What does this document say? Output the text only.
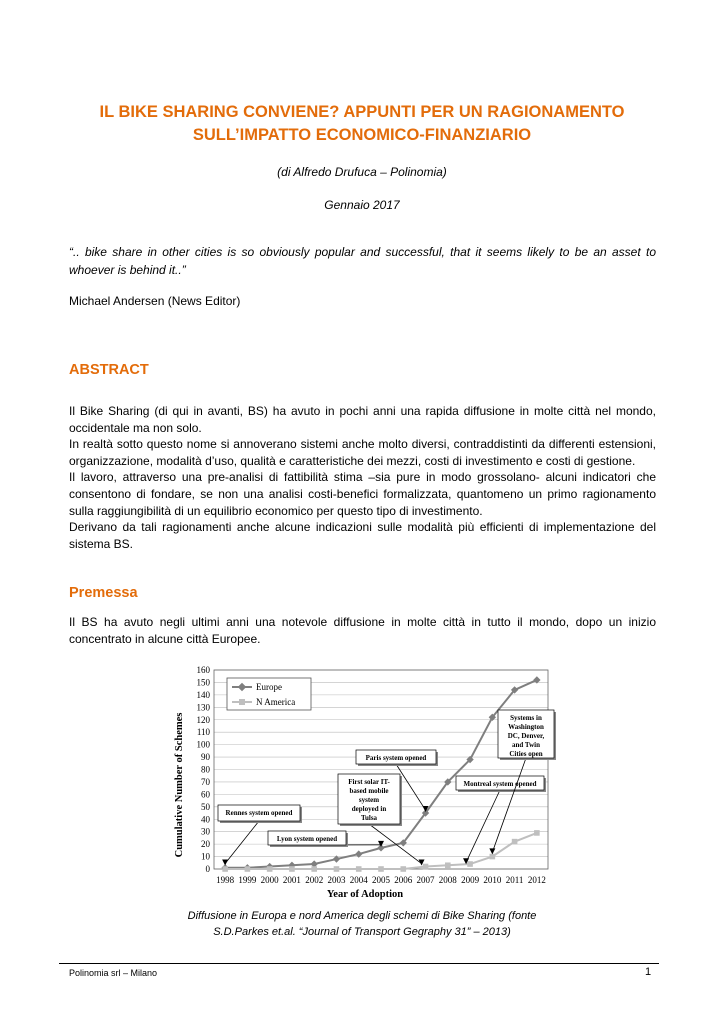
IL BIKE SHARING CONVIENE? APPUNTI PER UN RAGIONAMENTO
SULL’IMPATTO ECONOMICO-FINANZIARIO
(di Alfredo Drufuca – Polinomia)
Gennaio 2017
“.. bike share in other cities is so obviously popular and successful, that it seems likely to be an asset to whoever is behind it..”
Michael Andersen (News Editor)
ABSTRACT

Il Bike Sharing (di qui in avanti, BS) ha avuto in pochi anni una rapida diffusione in molte città nel mondo, occidentale ma non solo.

In realtà sotto questo nome si annoverano sistemi anche molto diversi, contraddistinti da differenti estensioni, organizzazione, modalità d’uso, qualità e caratteristiche dei mezzi, costi di investimento e costi di gestione.

Il lavoro, attraverso una pre-analisi di fattibilità stima –sia pure in modo grossolano- alcuni indicatori che consentono di fondare, se non una analisi costi-benefici formalizzata, quantomeno un primo ragionamento sulla raggiungibilità di un equilibrio economico per questo tipo di investimento.

Derivano da tali ragionamenti anche alcune indicazioni sulle modalità più efficienti di implementazione del sistema BS.

Premessa
Il BS ha avuto negli ultimi anni una notevole diffusione in molte città in tutto il mondo, dopo un inizio concentrato in alcune città Europee.
0
10
20
30
40
50
60
70
80
90
100
110
120
130
140
150
160
1998 1999 2000 2001 2002 2003 2004 2005 2006 2007 2008 2009 2010 2011 2012
Rennes system opened
Lyon system opened
First solar IT-
based mobile
system
deployed in
Tulsa
Paris system opened
Montreal system opened
Systems in
Washington
DC, Denver,
and Twin
Cities open
Year of Adoption
Cumulative Number of Schemes
Europe
N America
Diffusione in Europa e nord America degli schemi di Bike Sharing (fonte
S.D.Parkes et.al. “Journal of Transport Gegraphy 31” – 2013)
Polinomia srl – Milano	1
